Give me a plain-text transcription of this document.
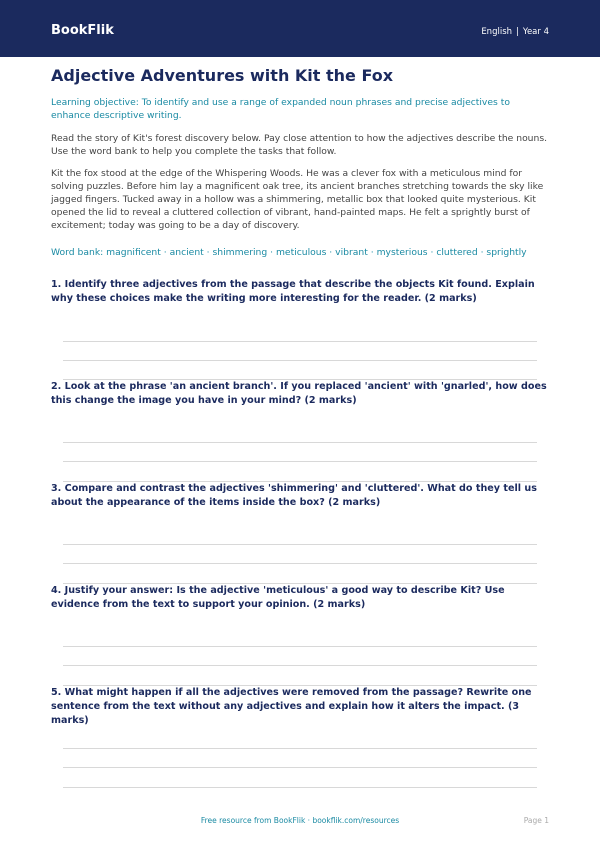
BookFlik	English | Year 4
Adjective Adventures with Kit the Fox

Learning objective: To identify and use a range of expanded noun phrases and precise adjectives to enhance descriptive writing.

Read the story of Kit's forest discovery below. Pay close attention to how the adjectives describe the nouns. Use the word bank to help you complete the tasks that follow.

Kit the fox stood at the edge of the Whispering Woods. He was a clever fox with a meticulous mind for solving puzzles. Before him lay a magnificent oak tree, its ancient branches stretching towards the sky like jagged fingers. Tucked away in a hollow was a shimmering, metallic box that looked quite mysterious. Kit opened the lid to reveal a cluttered collection of vibrant, hand-painted maps. He felt a sprightly burst of excitement; today was going to be a day of discovery.

Word bank: magnificent · ancient · shimmering · meticulous · vibrant · mysterious · cluttered · sprightly

1. Identify three adjectives from the passage that describe the objects Kit found. Explain why these choices make the writing more interesting for the reader. (2 marks)

2. Look at the phrase 'an ancient branch'. If you replaced 'ancient' with 'gnarled', how does this change the image you have in your mind? (2 marks)

3. Compare and contrast the adjectives 'shimmering' and 'cluttered'. What do they tell us about the appearance of the items inside the box? (2 marks)

4. Justify your answer: Is the adjective 'meticulous' a good way to describe Kit? Use evidence from the text to support your opinion. (2 marks)

5. What might happen if all the adjectives were removed from the passage? Rewrite one sentence from the text without any adjectives and explain how it alters the impact. (3 marks)

Free resource from BookFlik · bookflik.com/resources	Page 1
